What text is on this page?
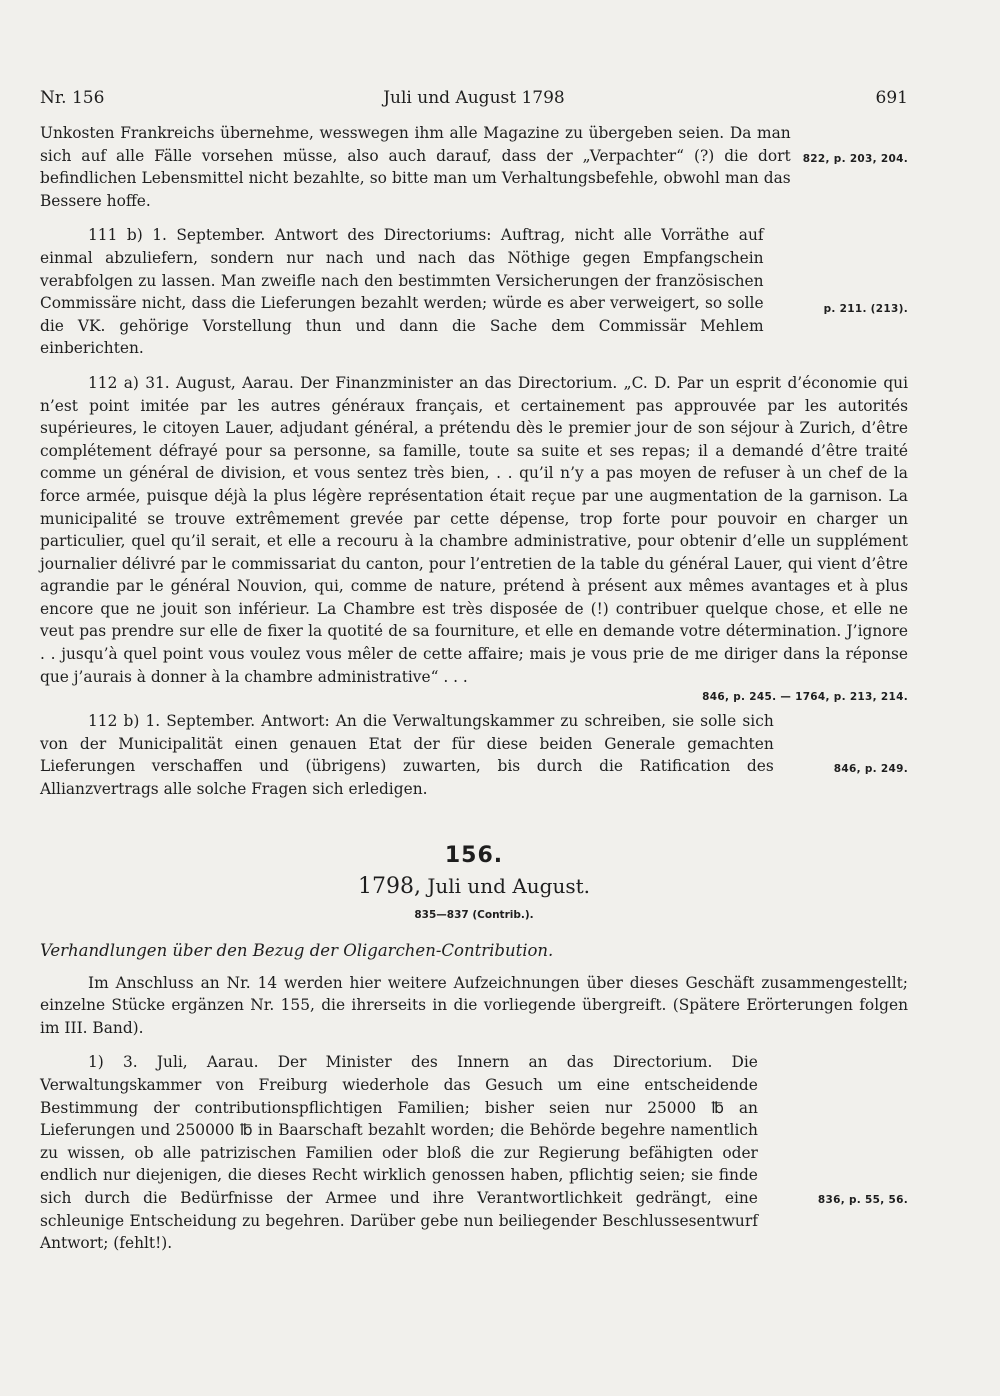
Nr. 156	Juli und August 1798	691

822, p. 203, 204.
Unkosten Frankreichs übernehme, wesswegen ihm alle Magazine zu übergeben seien. Da man sich auf alle Fälle vorsehen müsse, also auch darauf, dass der „Verpachter“ (?) die dort befindlichen Lebensmittel nicht bezahlte, so bitte man um Verhaltungsbefehle, obwohl man das Bessere hoffe.

p. 211. (213).
111 b) 1. September. Antwort des Directoriums: Auftrag, nicht alle Vorräthe auf einmal abzuliefern, sondern nur nach und nach das Nöthige gegen Empfangschein verabfolgen zu lassen. Man zweifle nach den bestimmten Versicherungen der französischen Commissäre nicht, dass die Lieferungen bezahlt werden; würde es aber verweigert, so solle die VK. gehörige Vorstellung thun und dann die Sache dem Commissär Mehlem einberichten.

112 a) 31. August, Aarau. Der Finanzminister an das Directorium. „C. D. Par un esprit d’économie qui n’est point imitée par les autres généraux français, et certainement pas approuvée par les autorités supérieures, le citoyen Lauer, adjudant général, a prétendu dès le premier jour de son séjour à Zurich, d’être complétement défrayé pour sa personne, sa famille, toute sa suite et ses repas; il a demandé d’être traité comme un général de division, et vous sentez très bien, . . qu’il n’y a pas moyen de refuser à un chef de la force armée, puisque déjà la plus légère représentation était reçue par une augmentation de la garnison. La municipalité se trouve extrêmement grevée par cette dépense, trop forte pour pouvoir en charger un particulier, quel qu’il serait, et elle a recouru à la chambre administrative, pour obtenir d’elle un supplément journalier délivré par le commissariat du canton, pour l’entretien de la table du général Lauer, qui vient d’être agrandie par le général Nouvion, qui, comme de nature, prétend à présent aux mêmes avantages et à plus encore que ne jouit son inférieur. La Chambre est très disposée de (!) contribuer quelque chose, et elle ne veut pas prendre sur elle de fixer la quotité de sa fourniture, et elle en demande votre détermination. J’ignore . . jusqu’à quel point vous voulez vous mêler de cette affaire; mais je vous prie de me diriger dans la réponse que j’aurais à donner à la chambre administrative“ . . .

846, p. 245. — 1764, p. 213, 214.

846, p. 249.
112 b) 1. September. Antwort: An die Verwaltungskammer zu schreiben, sie solle sich von der Municipalität einen genauen Etat der für diese beiden Generale gemachten Lieferungen verschaffen und (übrigens) zuwarten, bis durch die Ratification des Allianzvertrags alle solche Fragen sich erledigen.

156.
1798, Juli und August.
835—837 (Contrib.).
Verhandlungen über den Bezug der Oligarchen-Contribution.

Im Anschluss an Nr. 14 werden hier weitere Aufzeichnungen über dieses Geschäft zusammengestellt; einzelne Stücke ergänzen Nr. 155, die ihrerseits in die vorliegende übergreift. (Spätere Erörterungen folgen im III. Band).

836, p. 55, 56.
1) 3. Juli, Aarau. Der Minister des Innern an das Directorium. Die Verwaltungskammer von Freiburg wiederhole das Gesuch um eine entscheidende Bestimmung der contributionspflichtigen Familien; bisher seien nur 25000 ℔ an Lieferungen und 250000 ℔ in Baarschaft bezahlt worden; die Behörde begehre namentlich zu wissen, ob alle patrizischen Familien oder bloß die zur Regierung befähigten oder endlich nur diejenigen, die dieses Recht wirklich genossen haben, pflichtig seien; sie finde sich durch die Bedürfnisse der Armee und ihre Verantwortlichkeit gedrängt, eine schleunige Entscheidung zu begehren. Darüber gebe nun beiliegender Beschlussesentwurf Antwort; (fehlt!).
